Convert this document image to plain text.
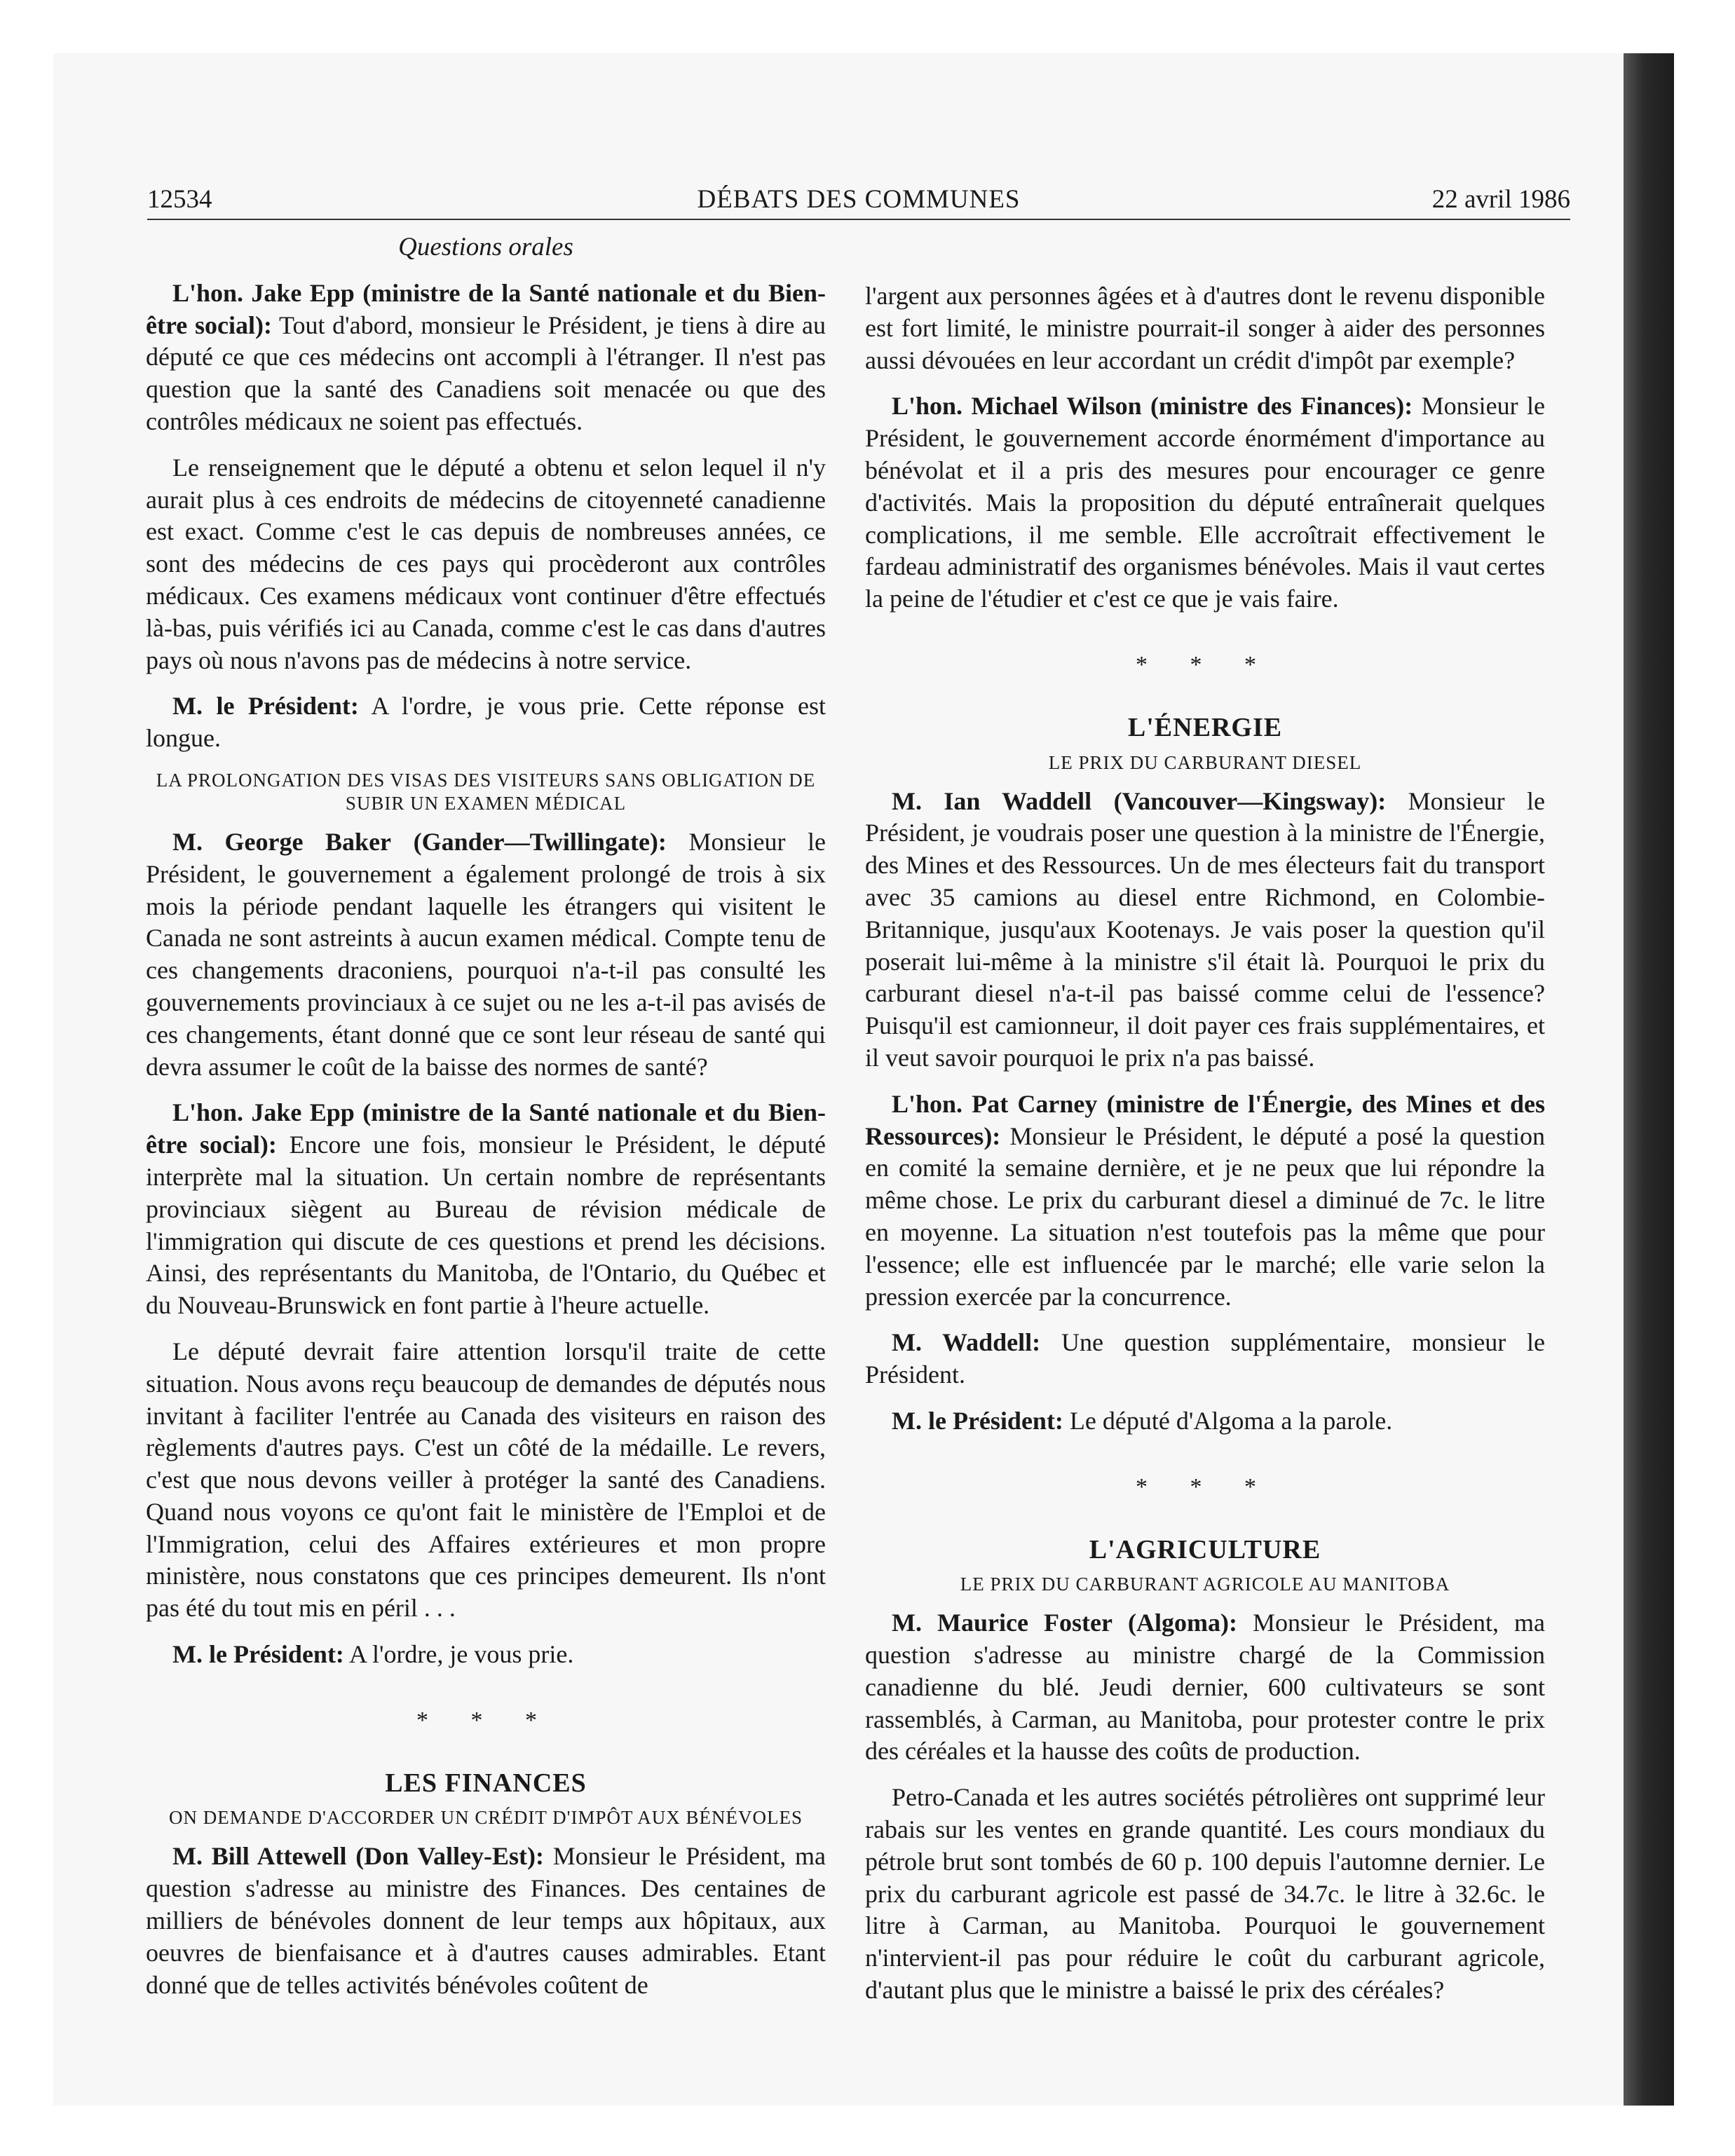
12534	DÉBATS DES COMMUNES	22 avril 1986
Questions orales

L'hon. Jake Epp (ministre de la Santé nationale et du Bien-être social): Tout d'abord, monsieur le Président, je tiens à dire au député ce que ces médecins ont accompli à l'étranger. Il n'est pas question que la santé des Canadiens soit menacée ou que des contrôles médicaux ne soient pas effectués.

Le renseignement que le député a obtenu et selon lequel il n'y aurait plus à ces endroits de médecins de citoyenneté canadienne est exact. Comme c'est le cas depuis de nombreuses années, ce sont des médecins de ces pays qui procèderont aux contrôles médicaux. Ces examens médicaux vont continuer d'être effectués là-bas, puis vérifiés ici au Canada, comme c'est le cas dans d'autres pays où nous n'avons pas de médecins à notre service.

M. le Président: A l'ordre, je vous prie. Cette réponse est longue.

LA PROLONGATION DES VISAS DES VISITEURS SANS OBLIGATION DE SUBIR UN EXAMEN MÉDICAL

M. George Baker (Gander—Twillingate): Monsieur le Président, le gouvernement a également prolongé de trois à six mois la période pendant laquelle les étrangers qui visitent le Canada ne sont astreints à aucun examen médical. Compte tenu de ces changements draconiens, pourquoi n'a-t-il pas consulté les gouvernements provinciaux à ce sujet ou ne les a-t-il pas avisés de ces changements, étant donné que ce sont leur réseau de santé qui devra assumer le coût de la baisse des normes de santé?

L'hon. Jake Epp (ministre de la Santé nationale et du Bien-être social): Encore une fois, monsieur le Président, le député interprète mal la situation. Un certain nombre de représentants provinciaux siègent au Bureau de révision médicale de l'immigration qui discute de ces questions et prend les décisions. Ainsi, des représentants du Manitoba, de l'Ontario, du Québec et du Nouveau-Brunswick en font partie à l'heure actuelle.

Le député devrait faire attention lorsqu'il traite de cette situation. Nous avons reçu beaucoup de demandes de députés nous invitant à faciliter l'entrée au Canada des visiteurs en raison des règlements d'autres pays. C'est un côté de la médaille. Le revers, c'est que nous devons veiller à protéger la santé des Canadiens. Quand nous voyons ce qu'ont fait le ministère de l'Emploi et de l'Immigration, celui des Affaires extérieures et mon propre ministère, nous constatons que ces principes demeurent. Ils n'ont pas été du tout mis en péril . . .

M. le Président: A l'ordre, je vous prie.

* * *
LES FINANCES
ON DEMANDE D'ACCORDER UN CRÉDIT D'IMPÔT AUX BÉNÉVOLES

M. Bill Attewell (Don Valley-Est): Monsieur le Président, ma question s'adresse au ministre des Finances. Des centaines de milliers de bénévoles donnent de leur temps aux hôpitaux, aux oeuvres de bienfaisance et à d'autres causes admirables. Etant donné que de telles activités bénévoles coûtent de

l'argent aux personnes âgées et à d'autres dont le revenu disponible est fort limité, le ministre pourrait-il songer à aider des personnes aussi dévouées en leur accordant un crédit d'impôt par exemple?

L'hon. Michael Wilson (ministre des Finances): Monsieur le Président, le gouvernement accorde énormément d'importance au bénévolat et il a pris des mesures pour encourager ce genre d'activités. Mais la proposition du député entraînerait quelques complications, il me semble. Elle accroîtrait effectivement le fardeau administratif des organismes bénévoles. Mais il vaut certes la peine de l'étudier et c'est ce que je vais faire.

* * *
L'ÉNERGIE
LE PRIX DU CARBURANT DIESEL

M. Ian Waddell (Vancouver—Kingsway): Monsieur le Président, je voudrais poser une question à la ministre de l'Énergie, des Mines et des Ressources. Un de mes électeurs fait du transport avec 35 camions au diesel entre Richmond, en Colombie-Britannique, jusqu'aux Kootenays. Je vais poser la question qu'il poserait lui-même à la ministre s'il était là. Pourquoi le prix du carburant diesel n'a-t-il pas baissé comme celui de l'essence? Puisqu'il est camionneur, il doit payer ces frais supplémentaires, et il veut savoir pourquoi le prix n'a pas baissé.

L'hon. Pat Carney (ministre de l'Énergie, des Mines et des Ressources): Monsieur le Président, le député a posé la question en comité la semaine dernière, et je ne peux que lui répondre la même chose. Le prix du carburant diesel a diminué de 7c. le litre en moyenne. La situation n'est toutefois pas la même que pour l'essence; elle est influencée par le marché; elle varie selon la pression exercée par la concurrence.

M. Waddell: Une question supplémentaire, monsieur le Président.

M. le Président: Le député d'Algoma a la parole.

* * *
L'AGRICULTURE
LE PRIX DU CARBURANT AGRICOLE AU MANITOBA

M. Maurice Foster (Algoma): Monsieur le Président, ma question s'adresse au ministre chargé de la Commission canadienne du blé. Jeudi dernier, 600 cultivateurs se sont rassemblés, à Carman, au Manitoba, pour protester contre le prix des céréales et la hausse des coûts de production.

Petro-Canada et les autres sociétés pétrolières ont supprimé leur rabais sur les ventes en grande quantité. Les cours mondiaux du pétrole brut sont tombés de 60 p. 100 depuis l'automne dernier. Le prix du carburant agricole est passé de 34.7c. le litre à 32.6c. le litre à Carman, au Manitoba. Pourquoi le gouvernement n'intervient-il pas pour réduire le coût du carburant agricole, d'autant plus que le ministre a baissé le prix des céréales?
